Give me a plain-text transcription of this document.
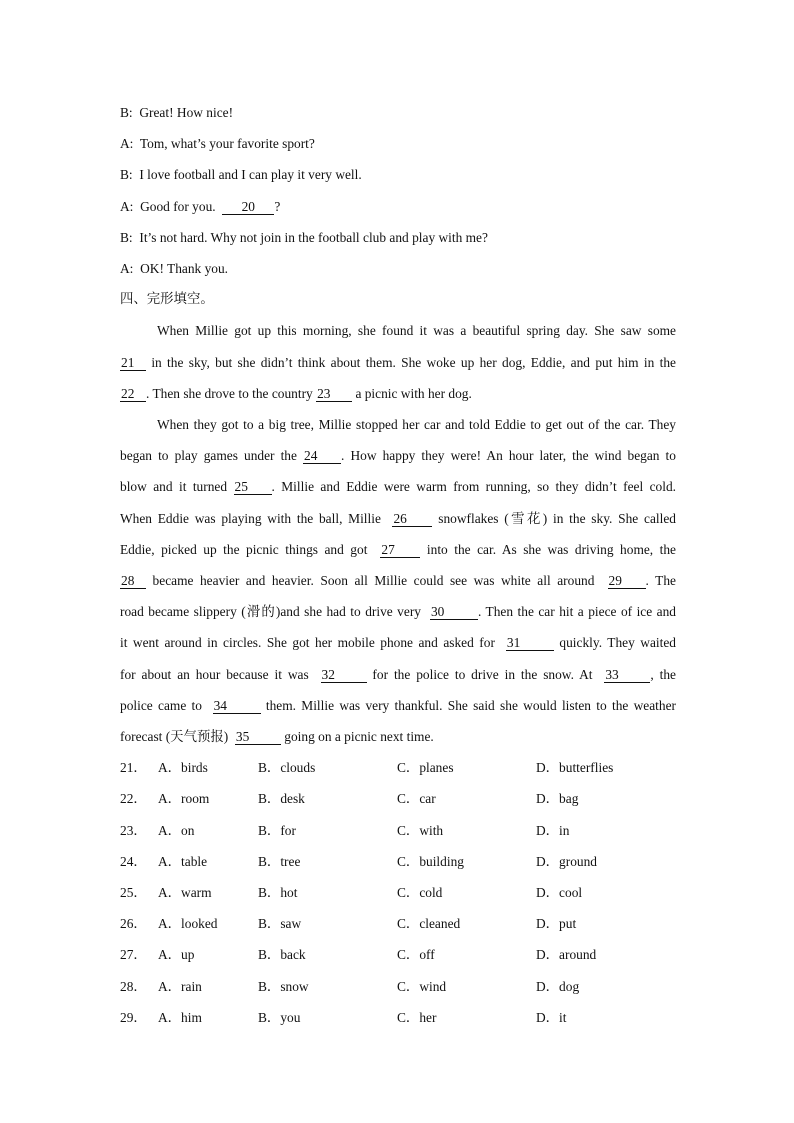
B: Great! How nice!
A: Tom, what’s your favorite sport?
B: I love football and I can play it very well.
A: Good for you. 20 ?
B: It’s not hard. Why not join in the football club and play with me?
A: OK! Thank you.
四、完形填空。
When Millie got up this morning, she found it was a beautiful spring day. She saw some
21 in the sky, but she didn’t think about them. She woke up her dog, Eddie, and put him in the
22 . Then she drove to the country 23 a picnic with her dog.
When they got to a big tree, Millie stopped her car and told Eddie to get out of the car. They
began to play games under the 24 . How happy they were! An hour later, the wind began to
blow and it turned 25 . Millie and Eddie were warm from running, so they didn’t feel cold.
When Eddie was playing with the ball, Millie 26 snowflakes (雪花) in the sky. She called
Eddie, picked up the picnic things and got 27 into the car. As she was driving home, the
28 became heavier and heavier. Soon all Millie could see was white all around 29 . The
road became slippery (滑的)and she had to drive very 30	. Then the car hit a piece of ice and
it went around in circles. She got her mobile phone and asked for 31	quickly. They waited
for about an hour because it was 32 for the police to drive in the snow. At 33 , the
police came to 34	them. Millie was very thankful. She said she would listen to the weather
forecast (天气预报) 35 going on a picnic next time.
21． A．birds	B．clouds	C．planes	D．butterflies
22． A．room	B．desk	C．car	D．bag
23． A．on	B．for	C．with	D．in
24． A．table	B．tree	C．building	D．ground
25． A．warm	B．hot	C．cold	D．cool
26． A．looked	B．saw	C．cleaned	D．put
27． A．up	B．back	C．off	D．around
28． A．rain	B．snow	C．wind	D．dog
29． A．him	B．you	C．her	D．it
